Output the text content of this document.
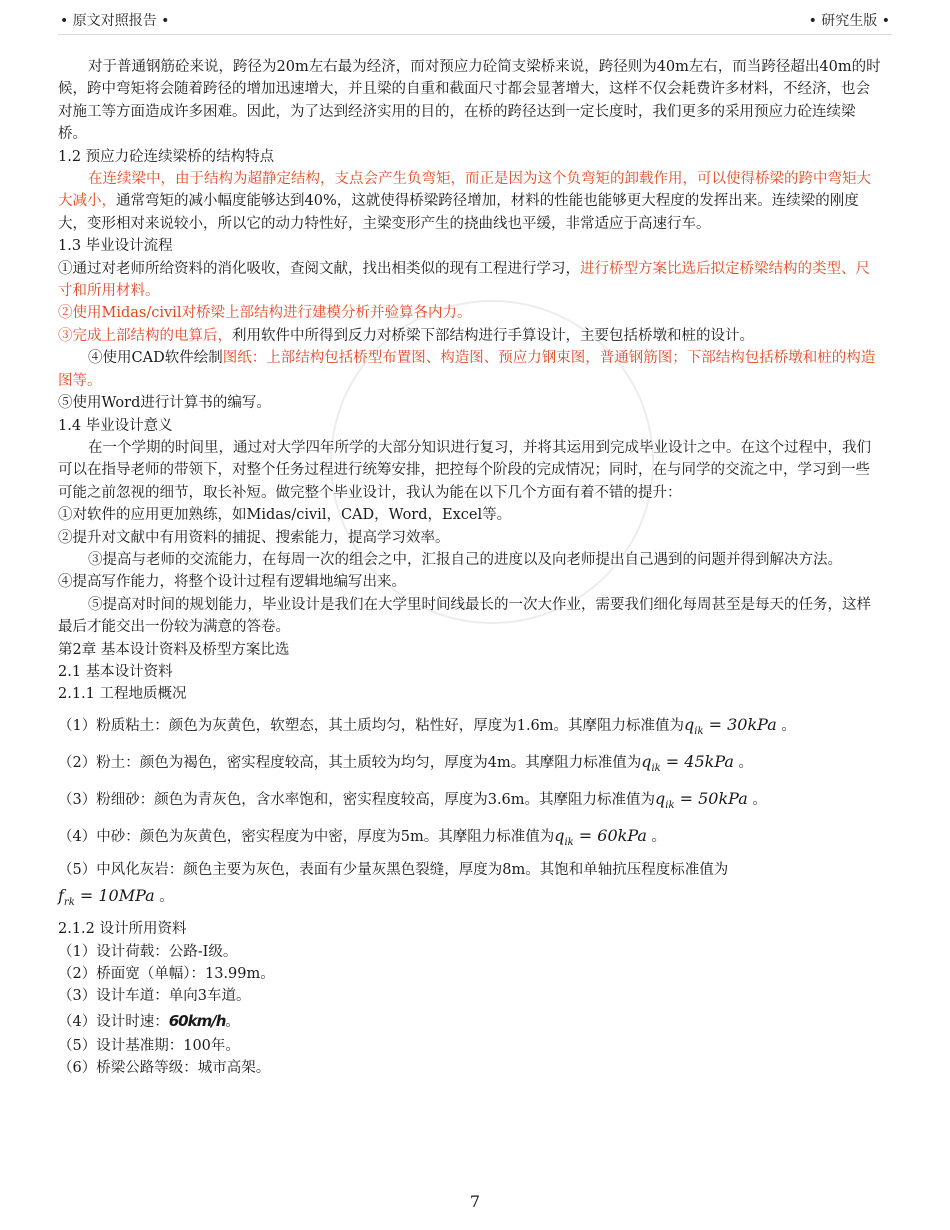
• 原文对照报告 •	• 研究生版 •

对于普通钢筋砼来说，跨径为20m左右最为经济，而对预应力砼简支梁桥来说，跨径则为40m左右，而当跨径超出40m的时候，跨中弯矩将会随着跨径的增加迅速增大，并且梁的自重和截面尺寸都会显著增大，这样不仅会耗费许多材料，不经济，也会对施工等方面造成许多困难。因此，为了达到经济实用的目的，在桥的跨径达到一定长度时，我们更多的采用预应力砼连续梁桥。

1.2 预应力砼连续梁桥的结构特点

在连续梁中，由于结构为超静定结构，支点会产生负弯矩，而正是因为这个负弯矩的卸载作用，可以使得桥梁的跨中弯矩大大减小，通常弯矩的减小幅度能够达到40%，这就使得桥梁跨径增加，材料的性能也能够更大程度的发挥出来。连续梁的刚度大，变形相对来说较小，所以它的动力特性好，主梁变形产生的挠曲线也平缓，非常适应于高速行车。

1.3 毕业设计流程

①通过对老师所给资料的消化吸收，查阅文献，找出相类似的现有工程进行学习，进行桥型方案比选后拟定桥梁结构的类型、尺寸和所用材料。

②使用Midas/civil对桥梁上部结构进行建模分析并验算各内力。

③完成上部结构的电算后，利用软件中所得到反力对桥梁下部结构进行手算设计，主要包括桥墩和桩的设计。

④使用CAD软件绘制图纸：上部结构包括桥型布置图、构造图、预应力钢束图，普通钢筋图；下部结构包括桥墩和桩的构造图等。

⑤使用Word进行计算书的编写。

1.4 毕业设计意义

在一个学期的时间里，通过对大学四年所学的大部分知识进行复习，并将其运用到完成毕业设计之中。在这个过程中，我们可以在指导老师的带领下，对整个任务过程进行统筹安排，把控每个阶段的完成情况；同时，在与同学的交流之中，学习到一些可能之前忽视的细节，取长补短。做完整个毕业设计，我认为能在以下几个方面有着不错的提升：

①对软件的应用更加熟练，如Midas/civil，CAD，Word，Excel等。

②提升对文献中有用资料的捕捉、搜索能力，提高学习效率。

③提高与老师的交流能力，在每周一次的组会之中，汇报自己的进度以及向老师提出自己遇到的问题并得到解决方法。

④提高写作能力，将整个设计过程有逻辑地编写出来。

⑤提高对时间的规划能力，毕业设计是我们在大学里时间线最长的一次大作业，需要我们细化每周甚至是每天的任务，这样最后才能交出一份较为满意的答卷。

第2章 基本设计资料及桥型方案比选

2.1 基本设计资料

2.1.1 工程地质概况

（1）粉质粘土：颜色为灰黄色，软塑态，其土质均匀，粘性好，厚度为1.6m。其摩阻力标准值为$q_{ik} = 30kPa$ 。

（2）粉土：颜色为褐色，密实程度较高，其土质较为均匀，厚度为4m。其摩阻力标准值为$q_{ik} = 45kPa$ 。

（3）粉细砂：颜色为青灰色，含水率饱和，密实程度较高，厚度为3.6m。其摩阻力标准值为$q_{ik} = 50kPa$ 。

（4）中砂：颜色为灰黄色，密实程度为中密，厚度为5m。其摩阻力标准值为$q_{ik} = 60kPa$ 。

（5）中风化灰岩：颜色主要为灰色，表面有少量灰黑色裂缝，厚度为8m。其饱和单轴抗压程度标准值为

$f_{rk} = 10MPa$ 。

2.1.2 设计所用资料

（1）设计荷载：公路-Ⅰ级。

（2）桥面宽（单幅）：13.99m。

（3）设计车道：单向3车道。

（4）设计时速：60km/h。

（5）设计基准期：100年。

（6）桥梁公路等级：城市高架。

7
